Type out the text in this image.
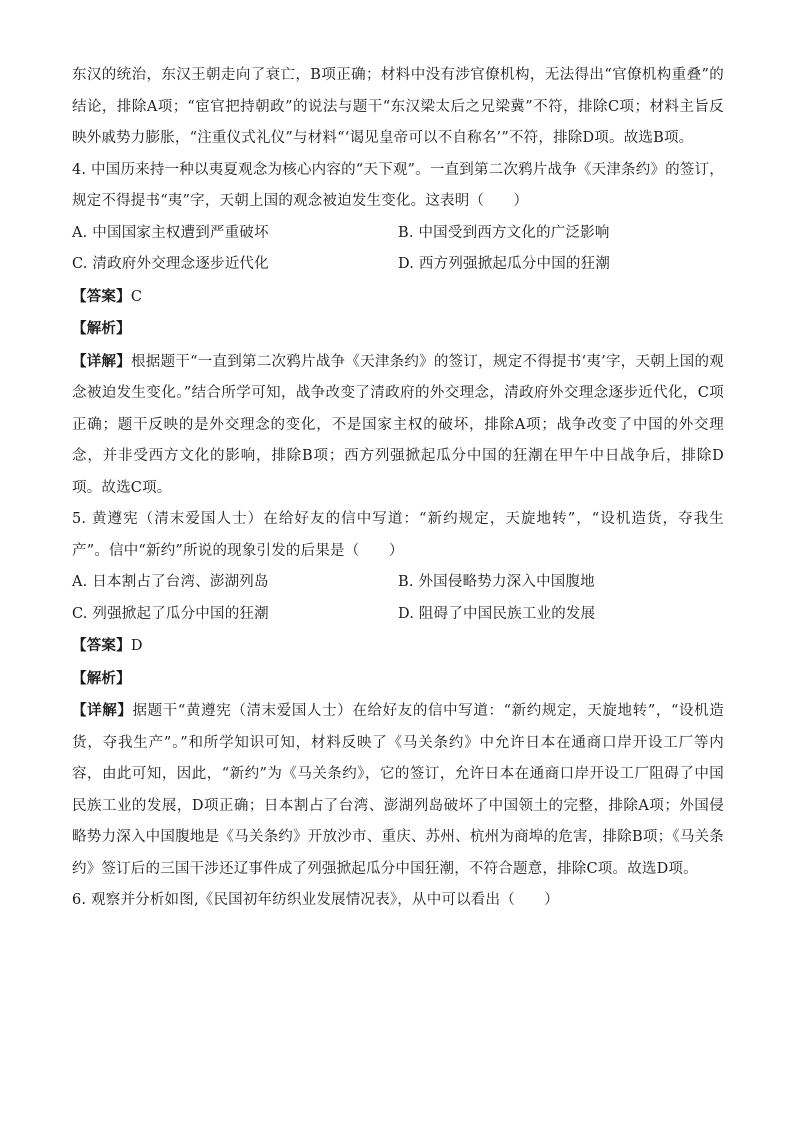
东汉的统治，东汉王朝走向了衰亡，B项正确；材料中没有涉官僚机构，无法得出“官僚机构重叠”的结论，排除A项；“宦官把持朝政”的说法与题干“东汉梁太后之兄梁冀”不符，排除C项；材料主旨反映外戚势力膨胀，“注重仪式礼仪”与材料“‘谒见皇帝可以不自称名’”不符，排除D项。故选B项。

4. 中国历来持一种以夷夏观念为核心内容的“天下观”。一直到第二次鸦片战争《天津条约》的签订，规定不得提书“夷”字，天朝上国的观念被迫发生变化。这表明（　　）

A. 中国国家主权遭到严重破坏	B. 中国受到西方文化的广泛影响
C. 清政府外交理念逐步近代化	D. 西方列强掀起瓜分中国的狂潮

【答案】C

【解析】

【详解】根据题干“一直到第二次鸦片战争《天津条约》的签订，规定不得提书‘夷’字，天朝上国的观念被迫发生变化。”结合所学可知，战争改变了清政府的外交理念，清政府外交理念逐步近代化，C项正确；题干反映的是外交理念的变化，不是国家主权的破坏，排除A项；战争改变了中国的外交理念，并非受西方文化的影响，排除B项；西方列强掀起瓜分中国的狂潮在甲午中日战争后，排除D项。故选C项。

5. 黄遵宪（清末爱国人士）在给好友的信中写道：“新约规定，天旋地转”，“设机造货，夺我生产”。信中“新约”所说的现象引发的后果是（　　）

A. 日本割占了台湾、澎湖列岛	B. 外国侵略势力深入中国腹地
C. 列强掀起了瓜分中国的狂潮	D. 阻碍了中国民族工业的发展

【答案】D

【解析】

【详解】据题干“黄遵宪（清末爱国人士）在给好友的信中写道：“新约规定，天旋地转”，“设机造货，夺我生产”。”和所学知识可知，材料反映了《马关条约》中允许日本在通商口岸开设工厂等内容，由此可知，因此，“新约”为《马关条约》，它的签订，允许日本在通商口岸开设工厂阻碍了中国民族工业的发展，D项正确；日本割占了台湾、澎湖列岛破坏了中国领土的完整，排除A项；外国侵略势力深入中国腹地是《马关条约》开放沙市、重庆、苏州、杭州为商埠的危害，排除B项；《马关条约》签订后的三国干涉还辽事件成了列强掀起瓜分中国狂潮，不符合题意，排除C项。故选D项。

6. 观察并分析如图,《民国初年纺织业发展情况表》，从中可以看出（　　）
